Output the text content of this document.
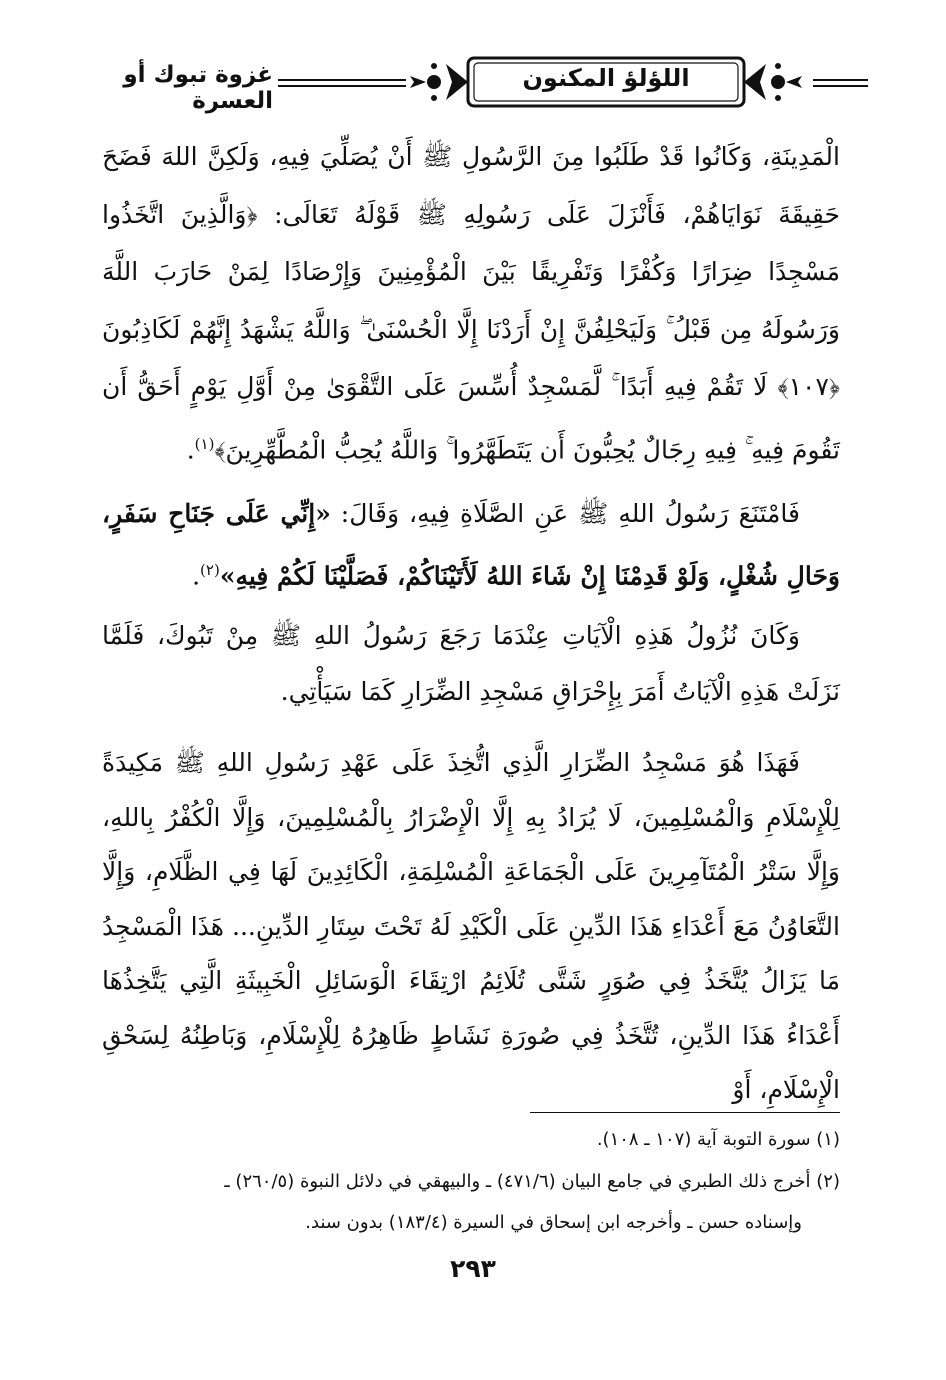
اللؤلؤ المكنون
غزوة تبوك أو العسرة

الْمَدِينَةِ، وَكَانُوا قَدْ طَلَبُوا مِنَ الرَّسُولِ ﷺ أَنْ يُصَلِّيَ فِيهِ، وَلَكِنَّ اللهَ فَضَحَ حَقِيقَةَ نَوَايَاهُمْ، فَأَنْزَلَ عَلَى رَسُولِهِ ﷺ قَوْلَهُ تَعَالَى: ﴿وَالَّذِينَ اتَّخَذُوا مَسْجِدًا ضِرَارًا وَكُفْرًا وَتَفْرِيقًا بَيْنَ الْمُؤْمِنِينَ وَإِرْصَادًا لِمَنْ حَارَبَ اللَّهَ وَرَسُولَهُ مِن قَبْلُ ۚ وَلَيَحْلِفُنَّ إِنْ أَرَدْنَا إِلَّا الْحُسْنَىٰ ۖ وَاللَّهُ يَشْهَدُ إِنَّهُمْ لَكَاذِبُونَ ﴿١٠٧﴾ لَا تَقُمْ فِيهِ أَبَدًا ۚ لَّمَسْجِدٌ أُسِّسَ عَلَى التَّقْوَىٰ مِنْ أَوَّلِ يَوْمٍ أَحَقُّ أَن تَقُومَ فِيهِ ۚ فِيهِ رِجَالٌ يُحِبُّونَ أَن يَتَطَهَّرُوا ۚ وَاللَّهُ يُحِبُّ الْمُطَّهِّرِينَ﴾$^{(١)}$.

فَامْتَنَعَ رَسُولُ اللهِ ﷺ عَنِ الصَّلَاةِ فِيهِ، وَقَالَ: «إِنِّي عَلَى جَنَاحِ سَفَرٍ، وَحَالِ شُغْلٍ، وَلَوْ قَدِمْنَا إِنْ شَاءَ اللهُ لَأَتَيْنَاكُمْ، فَصَلَّيْنَا لَكُمْ فِيهِ»$^{(٢)}$.

وَكَانَ نُزُولُ هَذِهِ الْآيَاتِ عِنْدَمَا رَجَعَ رَسُولُ اللهِ ﷺ مِنْ تَبُوكَ، فَلَمَّا نَزَلَتْ هَذِهِ الْآيَاتُ أَمَرَ بِإِحْرَاقِ مَسْجِدِ الضِّرَارِ كَمَا سَيَأْتِي.

فَهَذَا هُوَ مَسْجِدُ الضِّرَارِ الَّذِي اتُّخِذَ عَلَى عَهْدِ رَسُولِ اللهِ ﷺ مَكِيدَةً لِلْإِسْلَامِ وَالْمُسْلِمِينَ، لَا يُرَادُ بِهِ إِلَّا الْإِضْرَارُ بِالْمُسْلِمِينَ، وَإِلَّا الْكُفْرُ بِاللهِ، وَإِلَّا سَتْرُ الْمُتَآمِرِينَ عَلَى الْجَمَاعَةِ الْمُسْلِمَةِ، الْكَائِدِينَ لَهَا فِي الظَّلَامِ، وَإِلَّا التَّعَاوُنُ مَعَ أَعْدَاءِ هَذَا الدِّينِ عَلَى الْكَيْدِ لَهُ تَحْتَ سِتَارِ الدِّينِ... هَذَا الْمَسْجِدُ مَا يَزَالُ يُتَّخَذُ فِي صُوَرٍ شَتَّى تُلَائِمُ ارْتِقَاءَ الْوَسَائِلِ الْخَبِيثَةِ الَّتِي يَتَّخِذُهَا أَعْدَاءُ هَذَا الدِّينِ، تُتَّخَذُ فِي صُورَةِ نَشَاطٍ ظَاهِرُهُ لِلْإِسْلَامِ، وَبَاطِنُهُ لِسَحْقِ الْإِسْلَامِ، أَوْ

(١) سورة التوبة آية (١٠٧ ـ ١٠٨).
(٢) أخرج ذلك الطبري في جامع البيان (٤٧١/٦) ـ والبيهقي في دلائل النبوة (٢٦٠/٥) ـ
وإسناده حسن ـ وأخرجه ابن إسحاق في السيرة (١٨٣/٤) بدون سند.
٢٩٣
